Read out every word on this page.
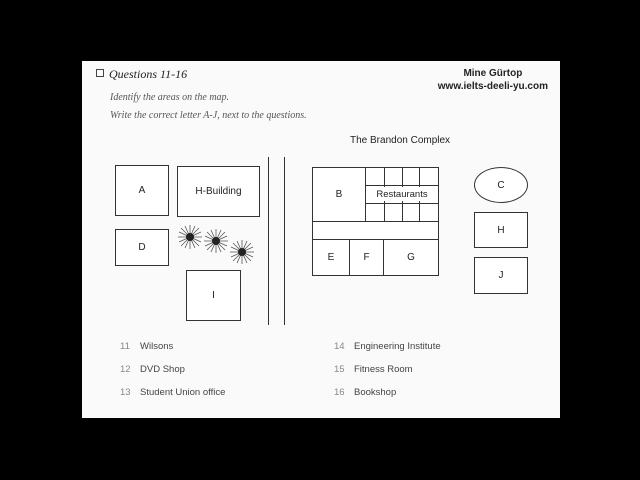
Questions 11-16	Mine Gürtop
www.ielts-deeli-yu.com
Identify the areas on the map.
Write the correct letter A-J, next to the questions.
The Brandon Complex
A	H-Building
D
I
B	Restaurants
E	F	G
C
H
J
11 Wilsons
12 DVD Shop
13 Student Union office
14 Engineering Institute
15 Fitness Room
16 Bookshop
